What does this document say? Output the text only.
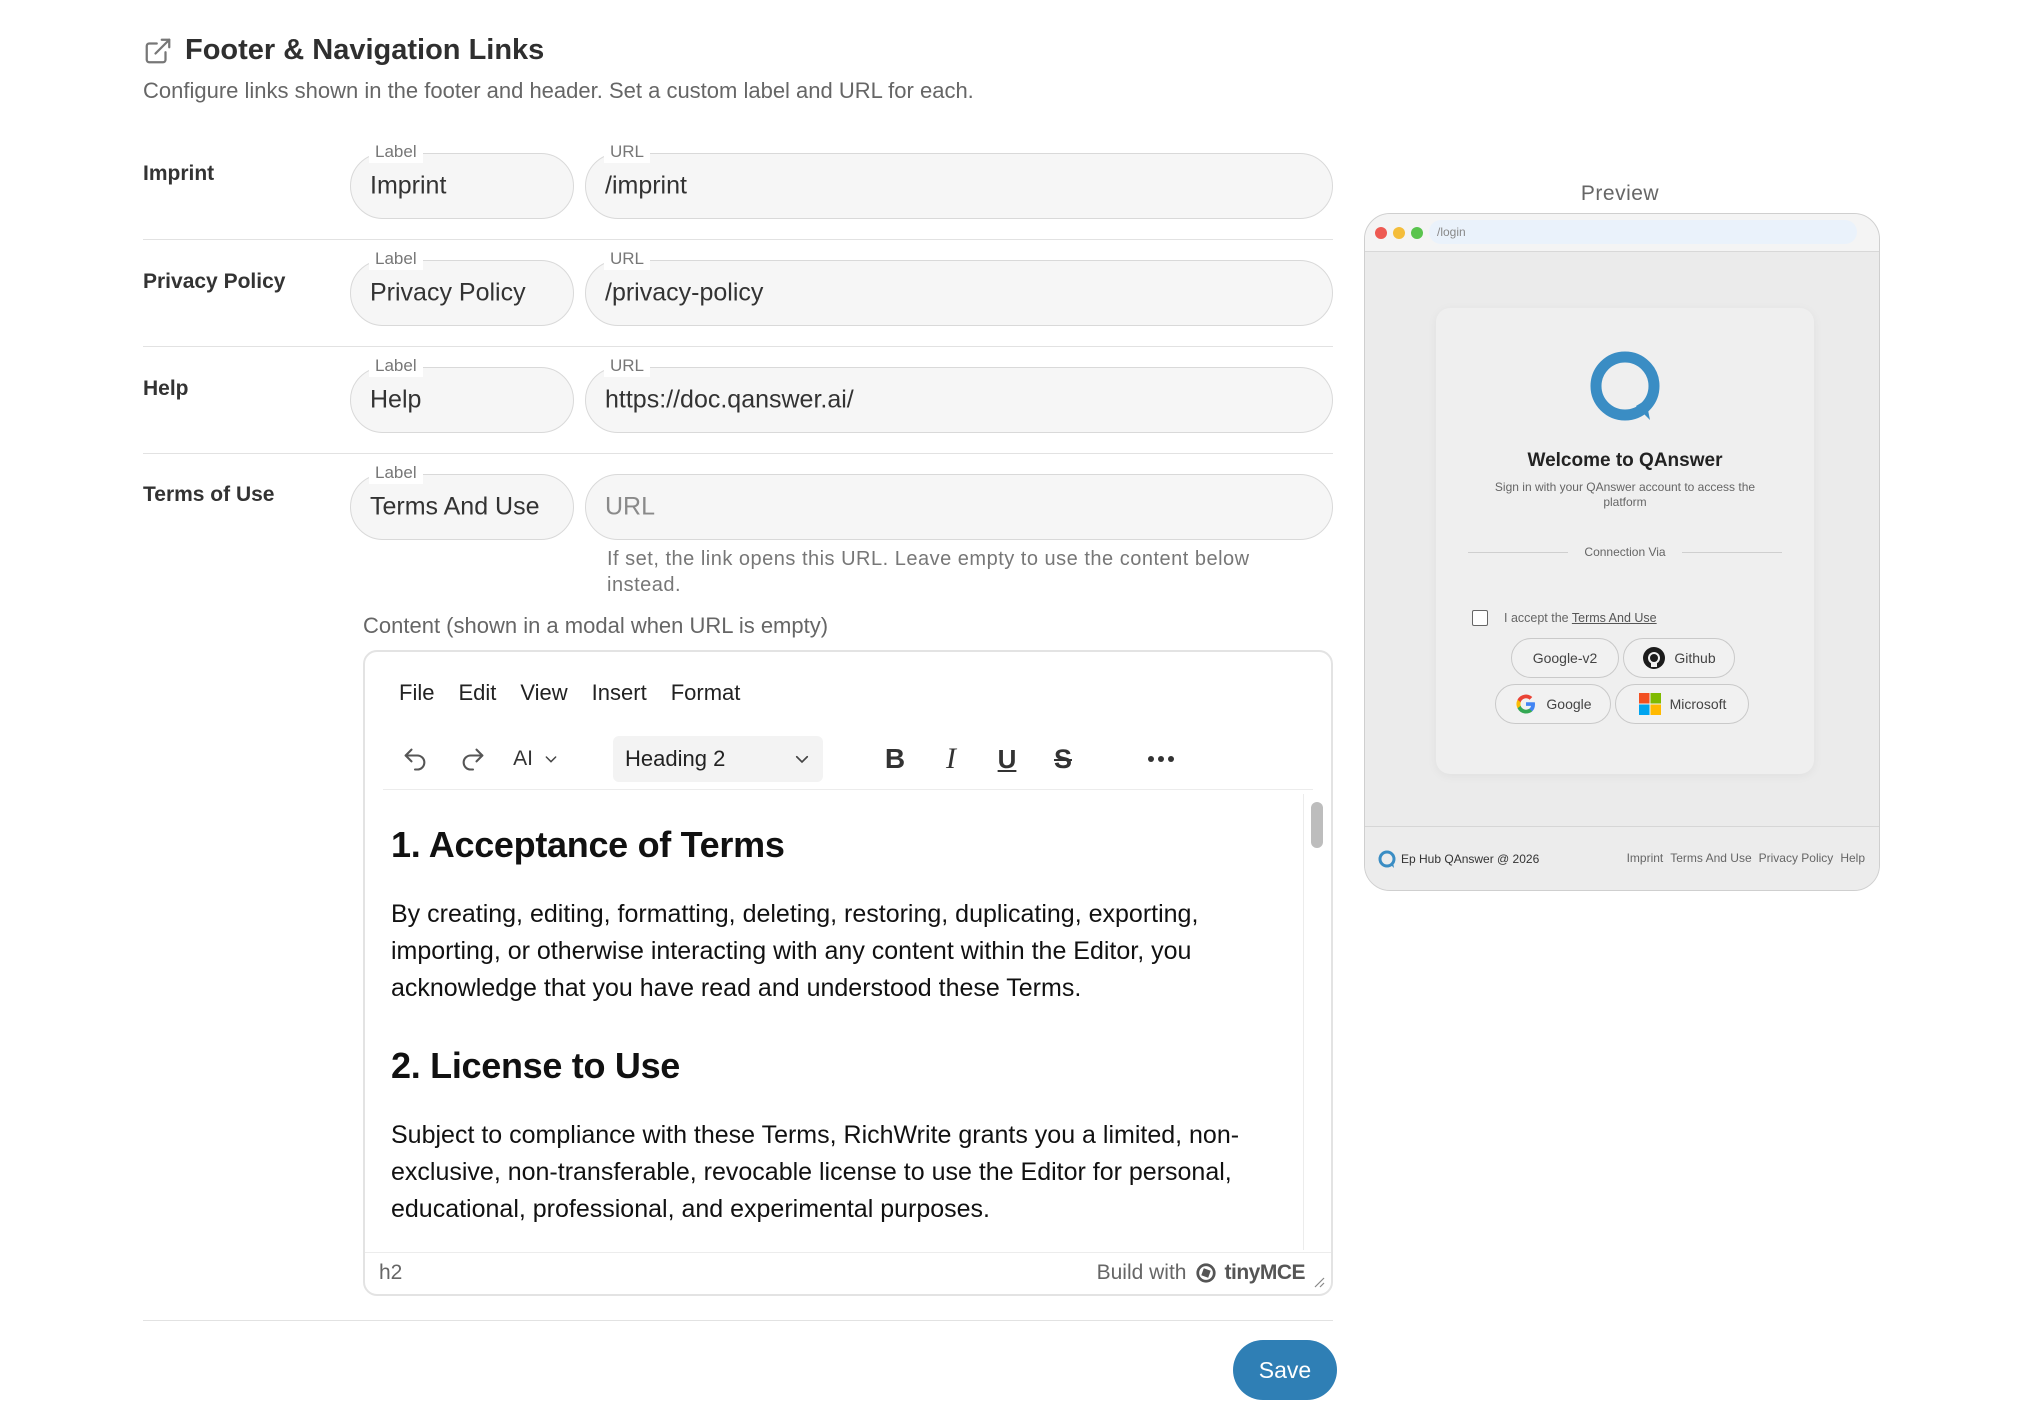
Footer & Navigation Links
Configure links shown in the footer and header. Set a custom label and URL for each.
Imprint
Label
Imprint
URL
/imprint
Privacy Policy
Label
Privacy Policy
URL
/privacy-policy
Help
Label
Help
URL
https://doc.qanswer.ai/
Terms of Use
Label
Terms And Use	URL
If set, the link opens this URL. Leave empty to use the content below instead.
Content (shown in a modal when URL is empty)
File Edit View Insert Format
AI	Heading 2	B I U S
1. Acceptance of Terms

By creating, editing, formatting, deleting, restoring, duplicating, exporting, importing, or otherwise interacting with any content within the Editor, you acknowledge that you have read and understood these Terms.

2. License to Use

Subject to compliance with these Terms, RichWrite grants you a limited, non-exclusive, non-transferable, revocable license to use the Editor for personal, educational, professional, and experimental purposes.

h2	Build with tinyMCE
Save
Preview
/login
Welcome to QAnswer
Sign in with your QAnswer account to access the platform
Connection Via
I accept the Terms And Use
Google-v2	Github
Google	Microsoft
Ep Hub QAnswer @ 2026	Imprint Terms And Use Privacy Policy Help
